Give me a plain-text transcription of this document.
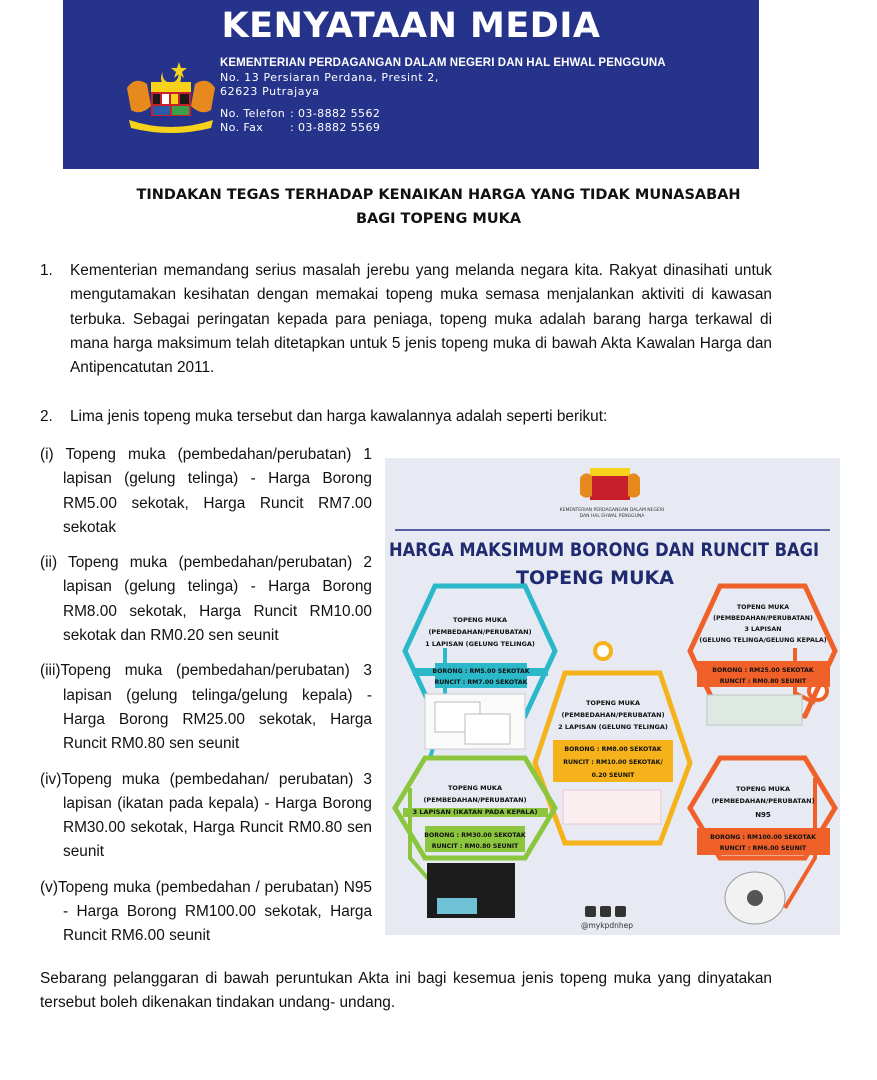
KENYATAAN MEDIA
KEMENTERIAN PERDAGANGAN DALAM NEGERI DAN HAL EHWAL PENGGUNA
No. 13 Persiaran Perdana, Presint 2,
62623 Putrajaya
No. Telefon : 03-8882 5562
No. Fax : 03-8882 5569
TINDAKAN TEGAS TERHADAP KENAIKAN HARGA YANG TIDAK MUNASABAH
BAGI TOPENG MUKA
1. Kementerian memandang serius masalah jerebu yang melanda negara kita. Rakyat dinasihati untuk mengutamakan kesihatan dengan memakai topeng muka semasa menjalankan aktiviti di kawasan terbuka. Sebagai peringatan kepada para peniaga, topeng muka adalah barang harga terkawal di mana harga maksimum telah ditetapkan untuk 5 jenis topeng muka di bawah Akta Kawalan Harga dan Antipencatutan 2011.
2. Lima jenis topeng muka tersebut dan harga kawalannya adalah seperti berikut:
(i) Topeng muka (pembedahan/perubatan) 1 lapisan (gelung telinga) - Harga Borong RM5.00 sekotak, Harga Runcit RM7.00 sekotak
(ii) Topeng muka (pembedahan/perubatan) 2 lapisan (gelung telinga) - Harga Borong RM8.00 sekotak, Harga Runcit RM10.00 sekotak dan RM0.20 sen seunit
(iii)Topeng muka (pembedahan/perubatan) 3 lapisan (gelung telinga/gelung kepala) - Harga Borong RM25.00 sekotak, Harga Runcit RM0.80 sen seunit
(iv)Topeng muka (pembedahan/ perubatan) 3 lapisan (ikatan pada kepala) - Harga Borong RM30.00 sekotak, Harga Runcit RM0.80 sen seunit
(v)Topeng muka (pembedahan / perubatan) N95 - Harga Borong RM100.00 sekotak, Harga Runcit RM6.00 seunit
Sebarang pelanggaran di bawah peruntukan Akta ini bagi kesemua jenis topeng muka yang dinyatakan tersebut boleh dikenakan tindakan undang- undang.
KEMENTERIAN PERDAGANGAN DALAM NEGERI
DAN HAL EHWAL PENGGUNA
HARGA MAKSIMUM BORONG DAN RUNCIT BAGI
TOPENG MUKA
TOPENG MUKA
(PEMBEDAHAN/PERUBATAN)
1 LAPISAN (GELUNG TELINGA)
BORONG : RM5.00 SEKOTAK
RUNCIT : RM7.00 SEKOTAK
TOPENG MUKA
(PEMBEDAHAN/PERUBATAN)
2 LAPISAN (GELUNG TELINGA)
BORONG : RM8.00 SEKOTAK
RUNCIT : RM10.00 SEKOTAK/
0.20 SEUNIT
TOPENG MUKA
(PEMBEDAHAN/PERUBATAN)
3 LAPISAN
(GELUNG TELINGA/GELUNG KEPALA)
BORONG : RM25.00 SEKOTAK
RUNCIT : RM0.80 SEUNIT
TOPENG MUKA
(PEMBEDAHAN/PERUBATAN)
3 LAPISAN (IKATAN PADA KEPALA)
BORONG : RM30.00 SEKOTAK
RUNCIT : RM0.80 SEUNIT
TOPENG MUKA
(PEMBEDAHAN/PERUBATAN)
N95
BORONG : RM100.00 SEKOTAK
RUNCIT : RM6.00 SEUNIT
@mykpdnhep
